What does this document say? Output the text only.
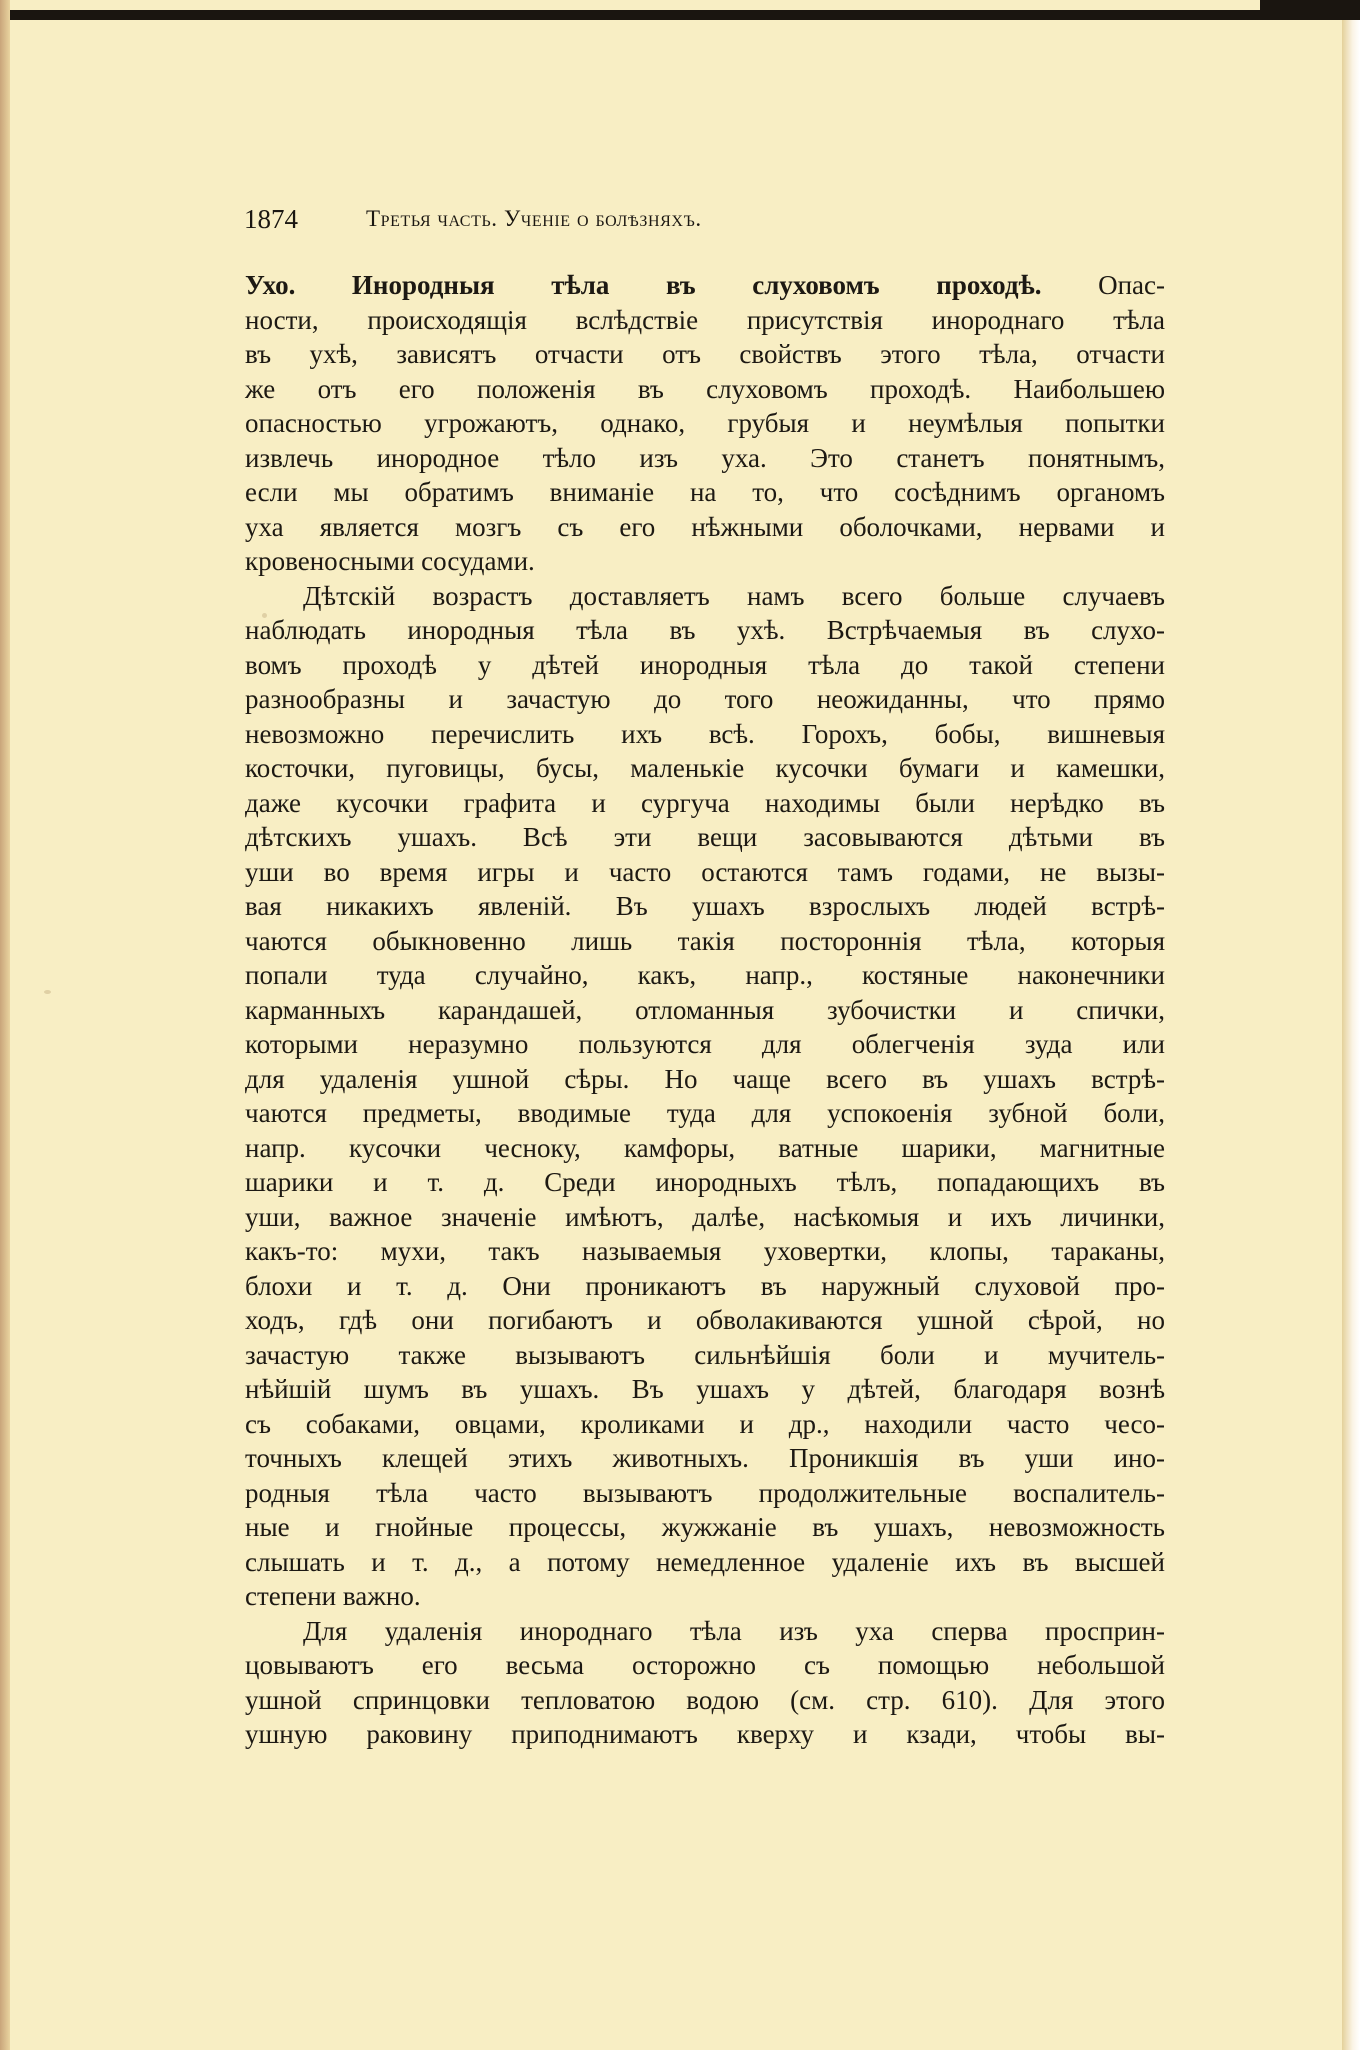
1874	Третья часть. Ученіе о болѣзняхъ.
Ухо. Инородныя тѣла въ слуховомъ проходѣ. Опас-
ности, происходящія вслѣдствіе присутствія инороднаго тѣла
въ ухѣ, зависятъ отчасти отъ свойствъ этого тѣла, отчасти
же отъ его положенія въ слуховомъ проходѣ. Наибольшею
опасностью угрожаютъ, однако, грубыя и неумѣлыя попытки
извлечь инородное тѣло изъ уха. Это станетъ понятнымъ,
если мы обратимъ вниманіе на то, что сосѣднимъ органомъ
уха является мозгъ съ его нѣжными оболочками, нервами и
кровеносными сосудами.
Дѣтскій возрастъ доставляетъ намъ всего больше случаевъ
наблюдать инородныя тѣла въ ухѣ. Встрѣчаемыя въ слухо-
вомъ проходѣ у дѣтей инородныя тѣла до такой степени
разнообразны и зачастую до того неожиданны, что прямо
невозможно перечислить ихъ всѣ. Горохъ, бобы, вишневыя
косточки, пуговицы, бусы, маленькіе кусочки бумаги и камешки,
даже кусочки графита и сургуча находимы были нерѣдко въ
дѣтскихъ ушахъ. Всѣ эти вещи засовываются дѣтьми въ
уши во время игры и часто остаются тамъ годами, не вызы-
вая никакихъ явленій. Въ ушахъ взрослыхъ людей встрѣ-
чаются обыкновенно лишь такія постороннія тѣла, которыя
попали туда случайно, какъ, напр., костяные наконечники
карманныхъ карандашей, отломанныя зубочистки и спички,
которыми неразумно пользуются для облегченія зуда или
для удаленія ушной сѣры. Но чаще всего въ ушахъ встрѣ-
чаются предметы, вводимые туда для успокоенія зубной боли,
напр. кусочки чесноку, камфоры, ватные шарики, магнитные
шарики и т. д. Среди инородныхъ тѣлъ, попадающихъ въ
уши, важное значеніе имѣютъ, далѣе, насѣкомыя и ихъ личинки,
какъ-то: мухи, такъ называемыя уховертки, клопы, тараканы,
блохи и т. д. Они проникаютъ въ наружный слуховой про-
ходъ, гдѣ они погибаютъ и обволакиваются ушной сѣрой, но
зачастую также вызываютъ сильнѣйшія боли и мучитель-
нѣйшій шумъ въ ушахъ. Въ ушахъ у дѣтей, благодаря вознѣ
съ собаками, овцами, кроликами и др., находили часто чесо-
точныхъ клещей этихъ животныхъ. Проникшія въ уши ино-
родныя тѣла часто вызываютъ продолжительные воспалитель-
ные и гнойные процессы, жужжаніе въ ушахъ, невозможность
слышать и т. д., а потому немедленное удаленіе ихъ въ высшей
степени важно.
Для удаленія инороднаго тѣла изъ уха сперва просприн-
цовываютъ его весьма осторожно съ помощью небольшой
ушной спринцовки тепловатою водою (см. стр. 610). Для этого
ушную раковину приподнимаютъ кверху и кзади, чтобы вы-
